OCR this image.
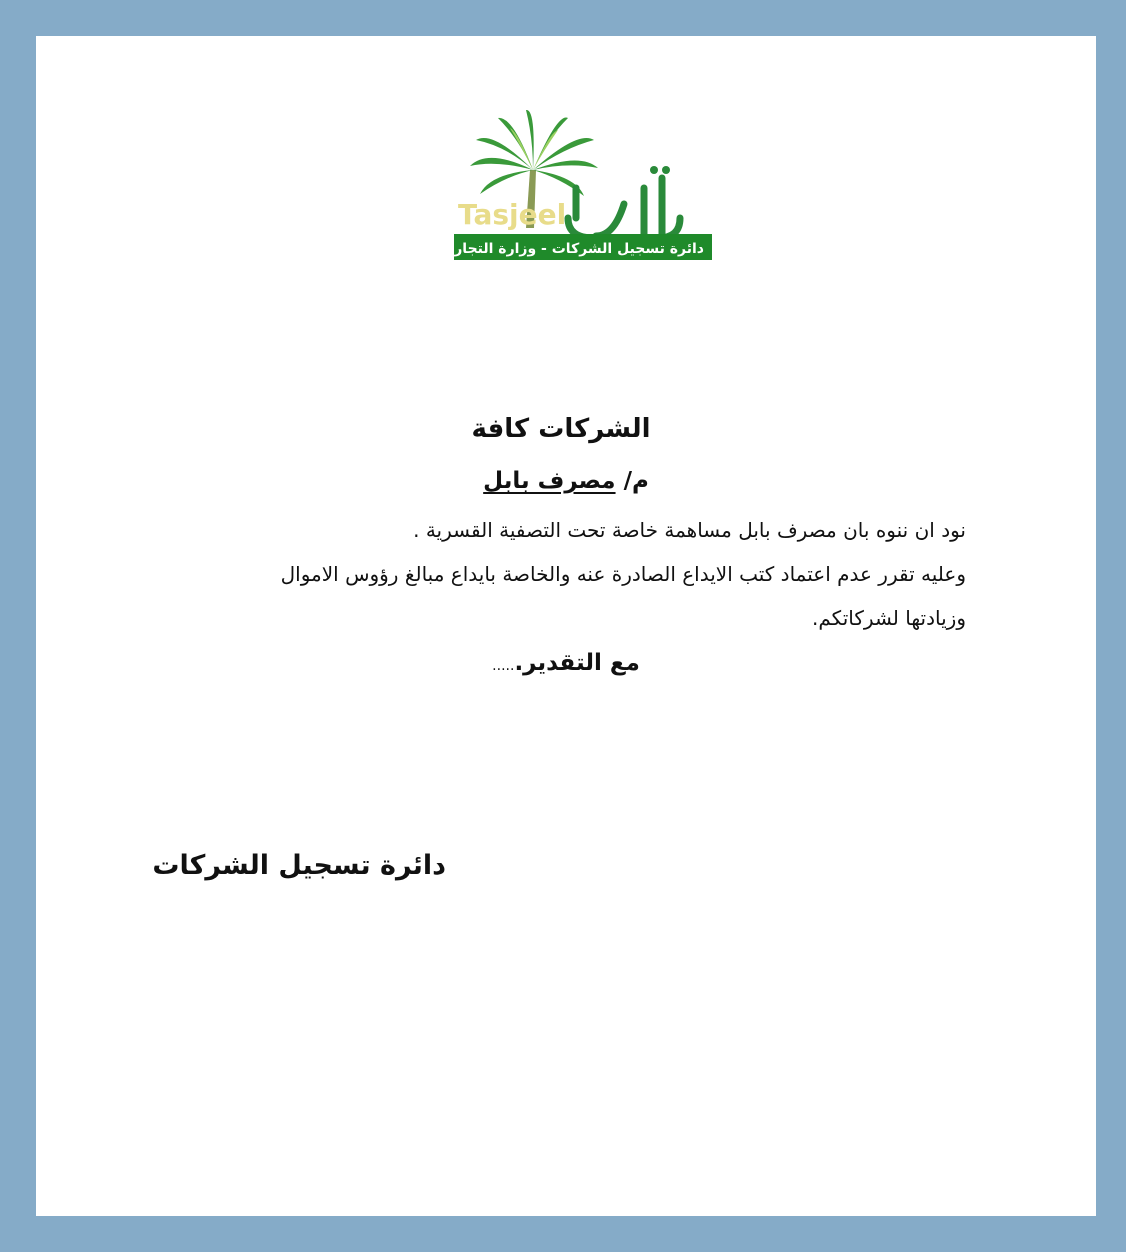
Tasjeel
دائرة تسجيل الشركات - وزارة التجارة
الشركات كافة
م/ مصرف بابل
نود ان ننوه بان مصرف بابل مساهمة خاصة تحت التصفية القسرية .
وعليه تقرر عدم اعتماد كتب الايداع الصادرة عنه والخاصة بايداع مبالغ رؤوس الاموال
وزيادتها لشركاتكم.
مع التقدير......
دائرة تسجيل الشركات
